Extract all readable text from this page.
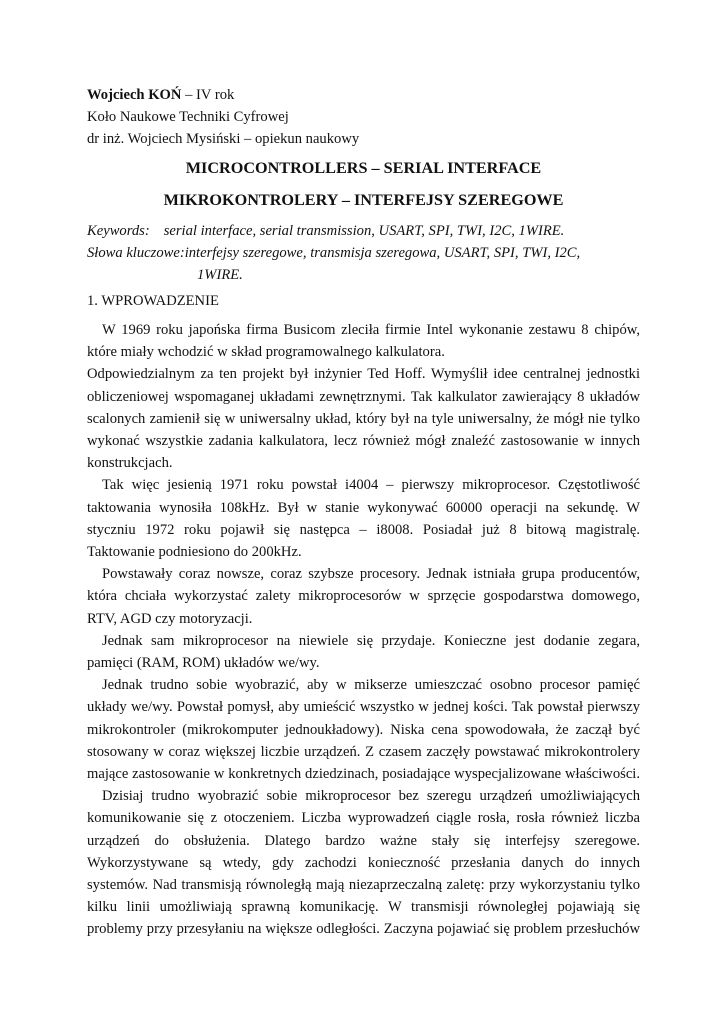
Wojciech KOŃ – IV rok
Koło Naukowe Techniki Cyfrowej
dr inż. Wojciech Mysiński – opiekun naukowy
MICROCONTROLLERS – SERIAL INTERFACE
MIKROKONTROLERY – INTERFEJSY SZEREGOWE
Keywords: serial interface, serial transmission, USART, SPI, TWI, I2C, 1WIRE.
Słowa kluczowe:interfejsy szeregowe, transmisja szeregowa, USART, SPI, TWI, I2C,
1WIRE.
1. WPROWADZENIE
W 1969 roku japońska firma Busicom zleciła firmie Intel wykonanie zestawu 8 chipów,
które miały wchodzić w skład programowalnego kalkulatora.
Odpowiedzialnym za ten projekt był inżynier Ted Hoff. Wymyślił idee centralnej jednostki
obliczeniowej wspomaganej układami zewnętrznymi. Tak kalkulator zawierający 8 układów
scalonych zamienił się w uniwersalny układ, który był na tyle uniwersalny, że mógł nie tylko
wykonać wszystkie zadania kalkulatora, lecz również mógł znaleźć zastosowanie w innych
konstrukcjach.
Tak więc jesienią 1971 roku powstał i4004 – pierwszy mikroprocesor. Częstotliwość
taktowania wynosiła 108kHz. Był w stanie wykonywać 60000 operacji na sekundę. W
styczniu 1972 roku pojawił się następca – i8008. Posiadał już 8 bitową magistralę.
Taktowanie podniesiono do 200kHz.
Powstawały coraz nowsze, coraz szybsze procesory. Jednak istniała grupa producentów,
która chciała wykorzystać zalety mikroprocesorów w sprzęcie gospodarstwa domowego,
RTV, AGD czy motoryzacji.
Jednak sam mikroprocesor na niewiele się przydaje. Konieczne jest dodanie zegara,
pamięci (RAM, ROM) układów we/wy.
Jednak trudno sobie wyobrazić, aby w mikserze umieszczać osobno procesor pamięć
układy we/wy. Powstał pomysł, aby umieścić wszystko w jednej kości. Tak powstał pierwszy
mikrokontroler (mikrokomputer jednoukładowy). Niska cena spowodowała, że zaczął być
stosowany w coraz większej liczbie urządzeń. Z czasem zaczęły powstawać mikrokontrolery
mające zastosowanie w konkretnych dziedzinach, posiadające wyspecjalizowane właściwości.
Dzisiaj trudno wyobrazić sobie mikroprocesor bez szeregu urządzeń umożliwiających
komunikowanie się z otoczeniem. Liczba wyprowadzeń ciągle rosła, rosła również liczba
urządzeń do obsłużenia. Dlatego bardzo ważne stały się interfejsy szeregowe.
Wykorzystywane są wtedy, gdy zachodzi konieczność przesłania danych do innych
systemów. Nad transmisją równoległą mają niezaprzeczalną zaletę: przy wykorzystaniu tylko
kilku linii umożliwiają sprawną komunikację. W transmisji równoległej pojawiają się
problemy przy przesyłaniu na większe odległości. Zaczyna pojawiać się problem przesłuchów
